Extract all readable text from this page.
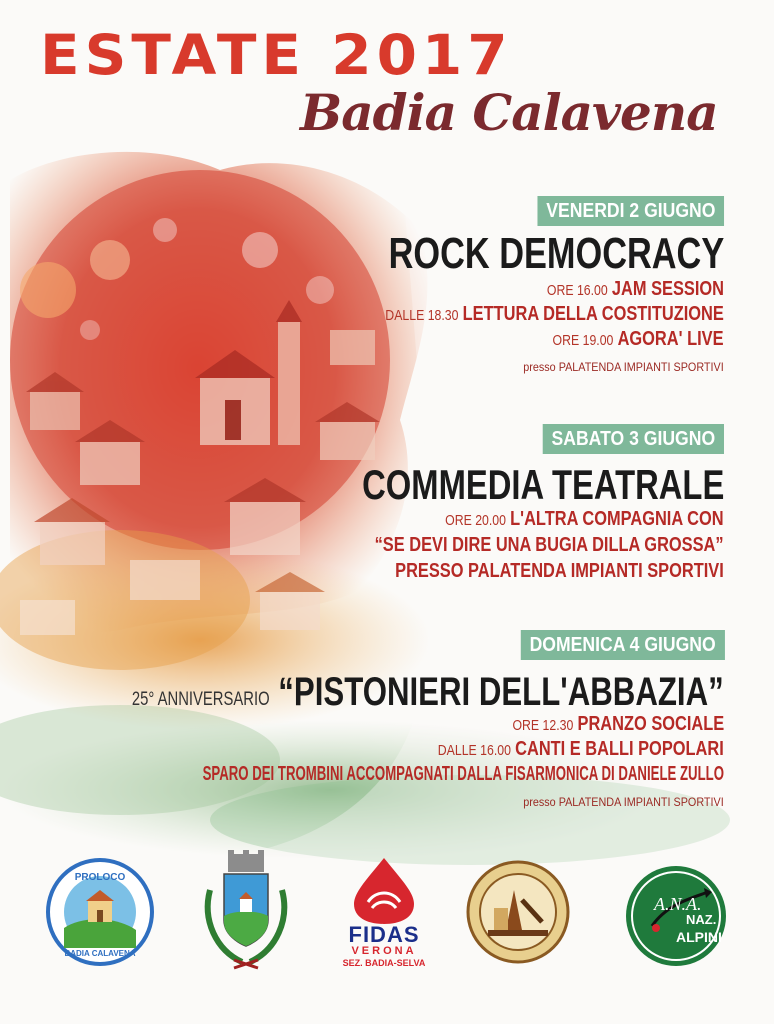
ESTATE 2017
Badia Calavena
VENERDI 2 GIUGNO
ROCK DEMOCRACY
ORE 16.00 JAM SESSION
DALLE 18.30 LETTURA DELLA COSTITUZIONE
ORE 19.00 AGORA' LIVE
presso PALATENDA IMPIANTI SPORTIVI
SABATO 3 GIUGNO
COMMEDIA TEATRALE
ORE 20.00 L'ALTRA COMPAGNIA CON
“SE DEVI DIRE UNA BUGIA DILLA GROSSA”
PRESSO PALATENDA IMPIANTI SPORTIVI
DOMENICA 4 GIUGNO
25° ANNIVERSARIO “PISTONIERI DELL'ABBAZIA”
ORE 12.30 PRANZO SOCIALE
DALLE 16.00 CANTI E BALLI POPOLARI
SPARO DEI TROMBINI ACCOMPAGNATI DALLA FISARMONICA DI DANIELE ZULLO
presso PALATENDA IMPIANTI SPORTIVI
PROLOCO
BADIA CALAVENA
FIDAS
VERONA
SEZ. BADIA-SELVA
A.N.A.
NAZ.
ALPINI
